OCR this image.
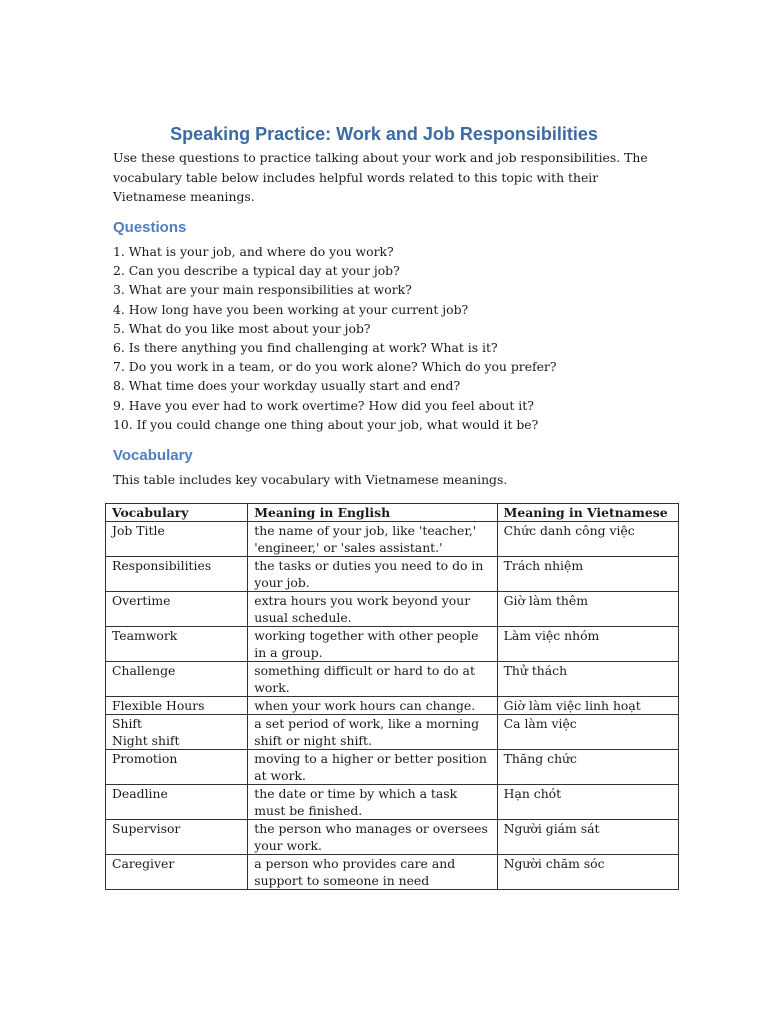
Speaking Practice: Work and Job Responsibilities

Use these questions to practice talking about your work and job responsibilities. The vocabulary table below includes helpful words related to this topic with their Vietnamese meanings.

Questions
1. What is your job, and where do you work?
2. Can you describe a typical day at your job?
3. What are your main responsibilities at work?
4. How long have you been working at your current job?
5. What do you like most about your job?
6. Is there anything you find challenging at work? What is it?
7. Do you work in a team, or do you work alone? Which do you prefer?
8. What time does your workday usually start and end?
9. Have you ever had to work overtime? How did you feel about it?
10. If you could change one thing about your job, what would it be?
Vocabulary

This table includes key vocabulary with Vietnamese meanings.

Vocabulary	Meaning in English	Meaning in Vietnamese
Job Title	the name of your job, like 'teacher,' 'engineer,' or 'sales assistant.'	Chức danh công việc
Responsibilities	the tasks or duties you need to do in your job.	Trách nhiệm
Overtime	extra hours you work beyond your usual schedule.	Giờ làm thêm
Teamwork	working together with other people in a group.	Làm việc nhóm
Challenge	something difficult or hard to do at work.	Thử thách
Flexible Hours	when your work hours can change.	Giờ làm việc linh hoạt
Shift
Night shift	a set period of work, like a morning shift or night shift.	Ca làm việc
Promotion	moving to a higher or better position at work.	Thăng chức
Deadline	the date or time by which a task must be finished.	Hạn chót
Supervisor	the person who manages or oversees your work.	Người giám sát
Caregiver	a person who provides care and support to someone in need	Người chăm sóc
